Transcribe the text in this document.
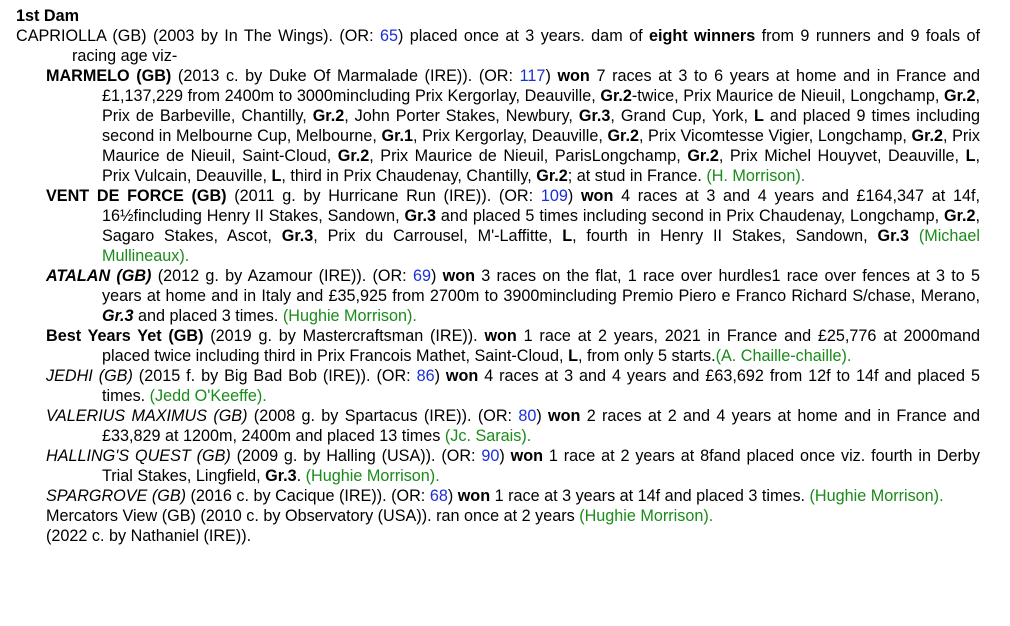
1st Dam

CAPRIOLLA (GB) (2003 by In The Wings). (OR: 65) placed once at 3 years. dam of eight winners from 9 runners and 9 foals of racing age viz-

MARMELO (GB) (2013 c. by Duke Of Marmalade (IRE)). (OR: 117) won 7 races at 3 to 6 years at home and in France and £1,137,229 from 2400m to 3000mincluding Prix Kergorlay, Deauville, Gr.2-twice, Prix Maurice de Nieuil, Longchamp, Gr.2, Prix de Barbeville, Chantilly, Gr.2, John Porter Stakes, Newbury, Gr.3, Grand Cup, York, L and placed 9 times including second in Melbourne Cup, Melbourne, Gr.1, Prix Kergorlay, Deauville, Gr.2, Prix Vicomtesse Vigier, Longchamp, Gr.2, Prix Maurice de Nieuil, Saint-Cloud, Gr.2, Prix Maurice de Nieuil, ParisLongchamp, Gr.2, Prix Michel Houyvet, Deauville, L, Prix Vulcain, Deauville, L, third in Prix Chaudenay, Chantilly, Gr.2; at stud in France. (H. Morrison).

VENT DE FORCE (GB) (2011 g. by Hurricane Run (IRE)). (OR: 109) won 4 races at 3 and 4 years and £164,347 at 14f, 16½fincluding Henry II Stakes, Sandown, Gr.3 and placed 5 times including second in Prix Chaudenay, Longchamp, Gr.2, Sagaro Stakes, Ascot, Gr.3, Prix du Carrousel, M'-Laffitte, L, fourth in Henry II Stakes, Sandown, Gr.3 (Michael Mullineaux).

ATALAN (GB) (2012 g. by Azamour (IRE)). (OR: 69) won 3 races on the flat, 1 race over hurdles1 race over fences at 3 to 5 years at home and in Italy and £35,925 from 2700m to 3900mincluding Premio Piero e Franco Richard S/chase, Merano, Gr.3 and placed 3 times. (Hughie Morrison).

Best Years Yet (GB) (2019 g. by Mastercraftsman (IRE)). won 1 race at 2 years, 2021 in France and £25,776 at 2000mand placed twice including third in Prix Francois Mathet, Saint-Cloud, L, from only 5 starts.(A. Chaille-chaille).

JEDHI (GB) (2015 f. by Big Bad Bob (IRE)). (OR: 86) won 4 races at 3 and 4 years and £63,692 from 12f to 14f and placed 5 times. (Jedd O'Keeffe).

VALERIUS MAXIMUS (GB) (2008 g. by Spartacus (IRE)). (OR: 80) won 2 races at 2 and 4 years at home and in France and £33,829 at 1200m, 2400m and placed 13 times (Jc. Sarais).

HALLING'S QUEST (GB) (2009 g. by Halling (USA)). (OR: 90) won 1 race at 2 years at 8fand placed once viz. fourth in Derby Trial Stakes, Lingfield, Gr.3. (Hughie Morrison).

SPARGROVE (GB) (2016 c. by Cacique (IRE)). (OR: 68) won 1 race at 3 years at 14f and placed 3 times. (Hughie Morrison).

Mercators View (GB) (2010 c. by Observatory (USA)). ran once at 2 years (Hughie Morrison).

(2022 c. by Nathaniel (IRE)).
